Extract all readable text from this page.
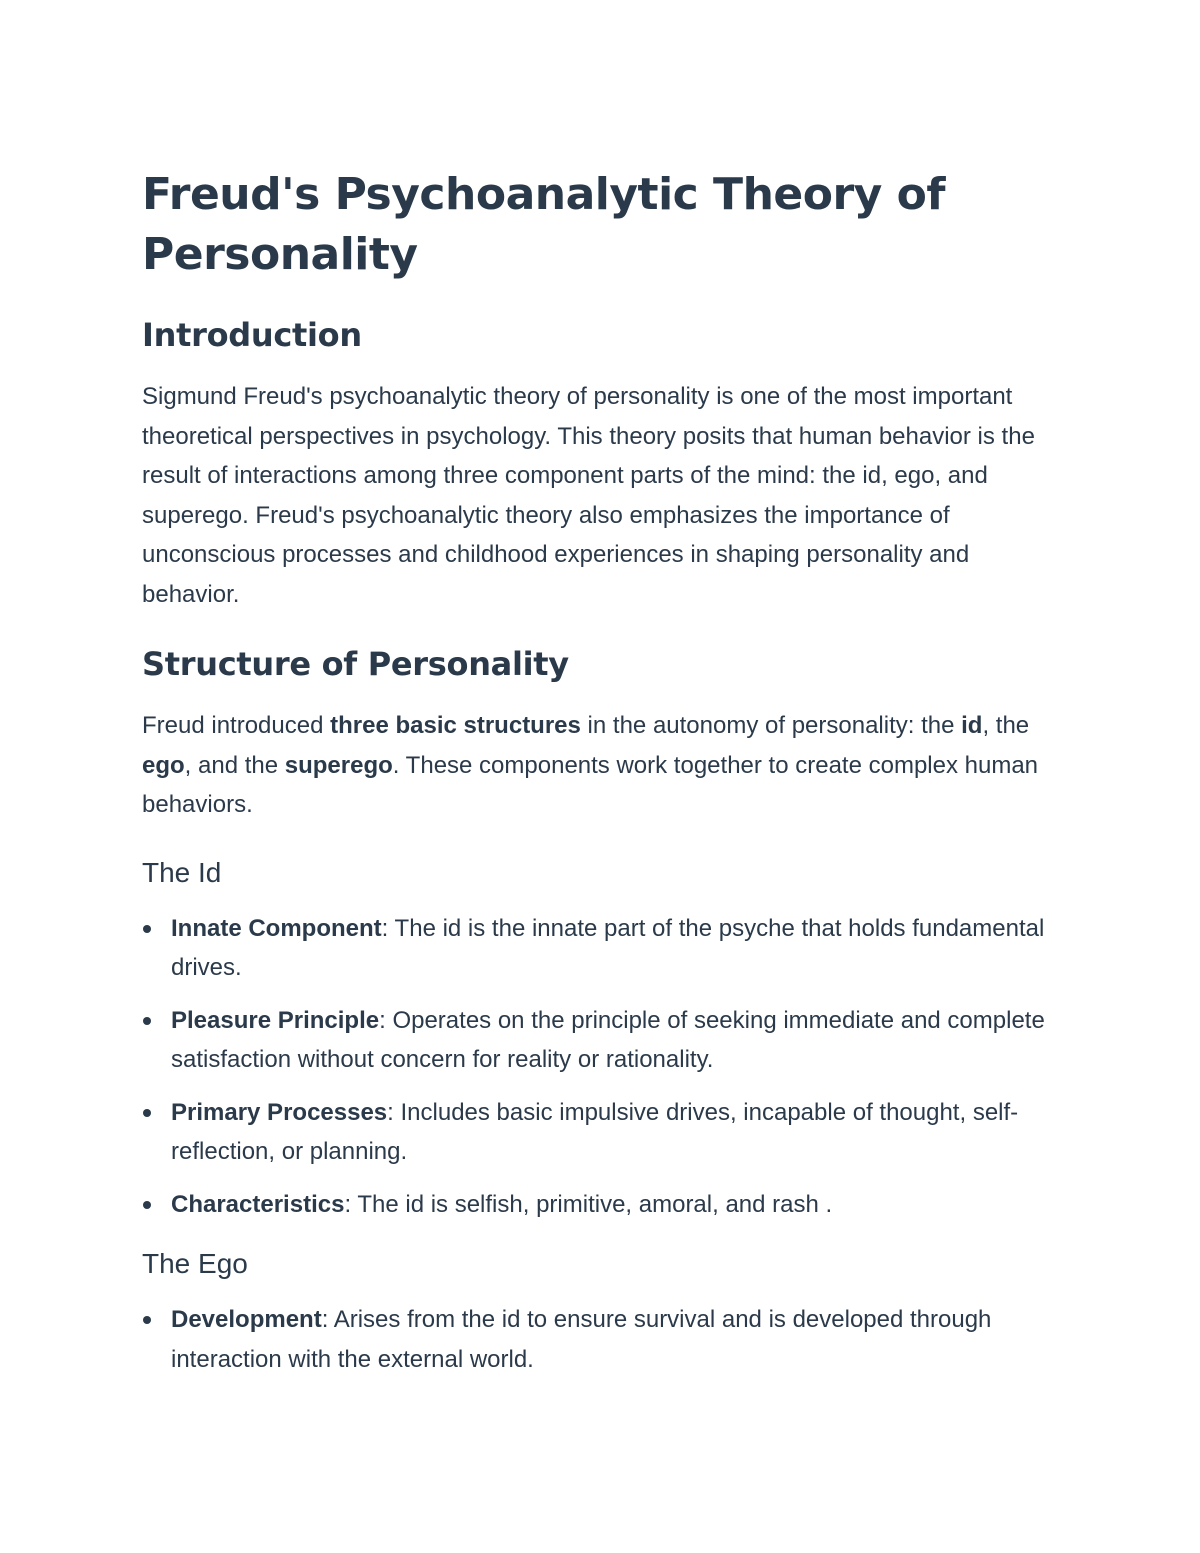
Freud's Psychoanalytic Theory of Personality
Introduction

Sigmund Freud's psychoanalytic theory of personality is one of the most important theoretical perspectives in psychology. This theory posits that human behavior is the result of interactions among three component parts of the mind: the id, ego, and superego. Freud's psychoanalytic theory also emphasizes the importance of unconscious processes and childhood experiences in shaping personality and behavior.

Structure of Personality

Freud introduced three basic structures in the autonomy of personality: the id, the ego, and the superego. These components work together to create complex human behaviors.

The Id
Innate Component: The id is the innate part of the psyche that holds fundamental drives.
Pleasure Principle: Operates on the principle of seeking immediate and complete satisfaction without concern for reality or rationality.
Primary Processes: Includes basic impulsive drives, incapable of thought, self-reflection, or planning.
Characteristics: The id is selfish, primitive, amoral, and rash .
The Ego
Development: Arises from the id to ensure survival and is developed through interaction with the external world.
